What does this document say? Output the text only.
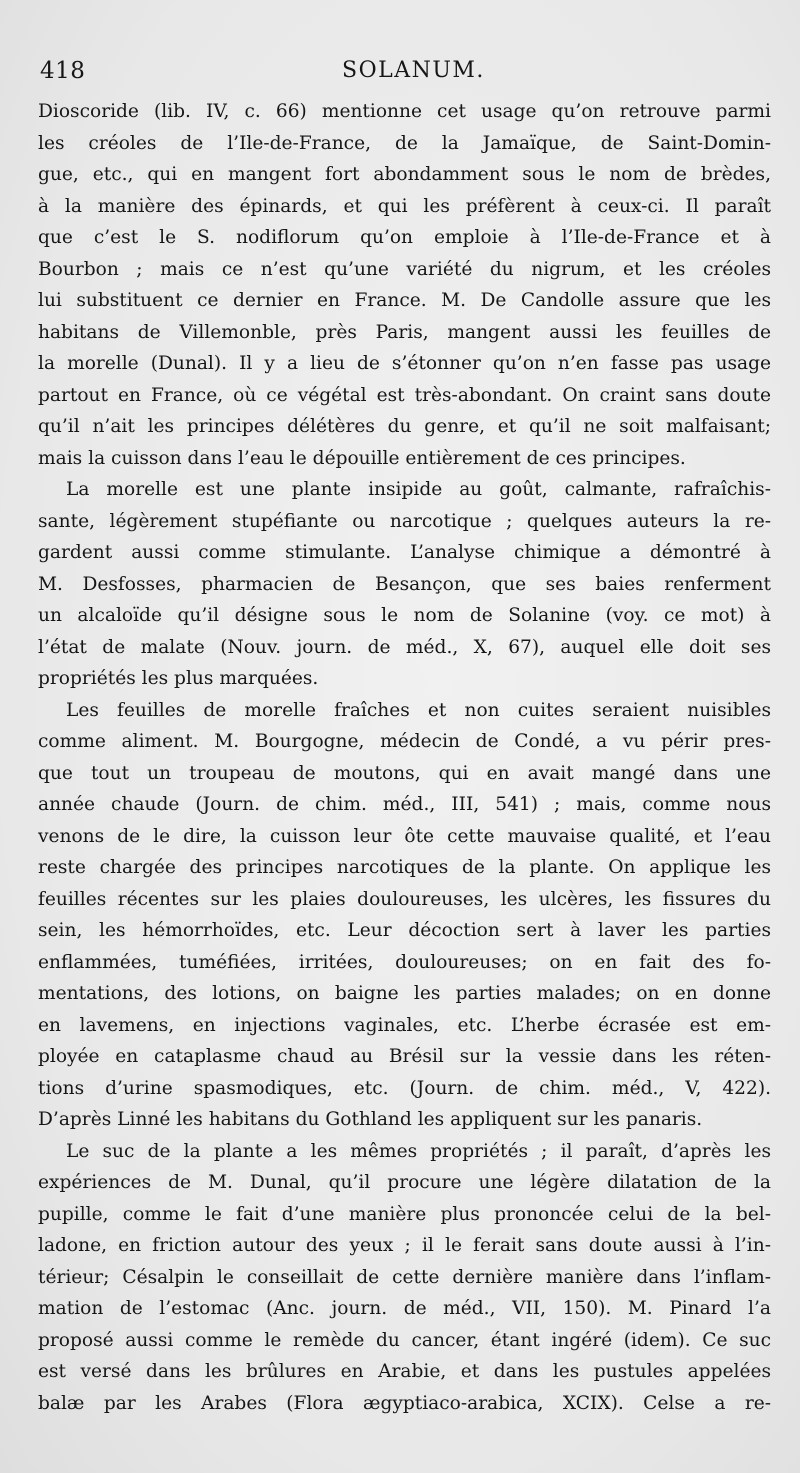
418	SOLANUM.
Dioscoride (lib. IV, c. 66) mentionne cet usage qu’on retrouve parmi
les créoles de l’Ile-de-France, de la Jamaïque, de Saint-Domin-
gue, etc., qui en mangent fort abondamment sous le nom de brèdes,
à la manière des épinards, et qui les préfèrent à ceux-ci. Il paraît
que c’est le S. nodiflorum qu’on emploie à l’Ile-de-France et à
Bourbon ; mais ce n’est qu’une variété du nigrum, et les créoles
lui substituent ce dernier en France. M. De Candolle assure que les
habitans de Villemonble, près Paris, mangent aussi les feuilles de
la morelle (Dunal). Il y a lieu de s’étonner qu’on n’en fasse pas usage
partout en France, où ce végétal est très-abondant. On craint sans doute
qu’il n’ait les principes délétères du genre, et qu’il ne soit malfaisant;
mais la cuisson dans l’eau le dépouille entièrement de ces principes.
La morelle est une plante insipide au goût, calmante, rafraîchis-
sante, légèrement stupéfiante ou narcotique ; quelques auteurs la re-
gardent aussi comme stimulante. L’analyse chimique a démontré à
M. Desfosses, pharmacien de Besançon, que ses baies renferment
un alcaloïde qu’il désigne sous le nom de Solanine (voy. ce mot) à
l’état de malate (Nouv. journ. de méd., X, 67), auquel elle doit ses
propriétés les plus marquées.
Les feuilles de morelle fraîches et non cuites seraient nuisibles
comme aliment. M. Bourgogne, médecin de Condé, a vu périr pres-
que tout un troupeau de moutons, qui en avait mangé dans une
année chaude (Journ. de chim. méd., III, 541) ; mais, comme nous
venons de le dire, la cuisson leur ôte cette mauvaise qualité, et l’eau
reste chargée des principes narcotiques de la plante. On applique les
feuilles récentes sur les plaies douloureuses, les ulcères, les fissures du
sein, les hémorrhoïdes, etc. Leur décoction sert à laver les parties
enflammées, tuméfiées, irritées, douloureuses; on en fait des fo-
mentations, des lotions, on baigne les parties malades; on en donne
en lavemens, en injections vaginales, etc. L’herbe écrasée est em-
ployée en cataplasme chaud au Brésil sur la vessie dans les réten-
tions d’urine spasmodiques, etc. (Journ. de chim. méd., V, 422).
D’après Linné les habitans du Gothland les appliquent sur les panaris.
Le suc de la plante a les mêmes propriétés ; il paraît, d’après les
expériences de M. Dunal, qu’il procure une légère dilatation de la
pupille, comme le fait d’une manière plus prononcée celui de la bel-
ladone, en friction autour des yeux ; il le ferait sans doute aussi à l’in-
térieur; Césalpin le conseillait de cette dernière manière dans l’inflam-
mation de l’estomac (Anc. journ. de méd., VII, 150). M. Pinard l’a
proposé aussi comme le remède du cancer, étant ingéré (idem). Ce suc
est versé dans les brûlures en Arabie, et dans les pustules appelées
balæ par les Arabes (Flora ægyptiaco-arabica, XCIX). Celse a re-
